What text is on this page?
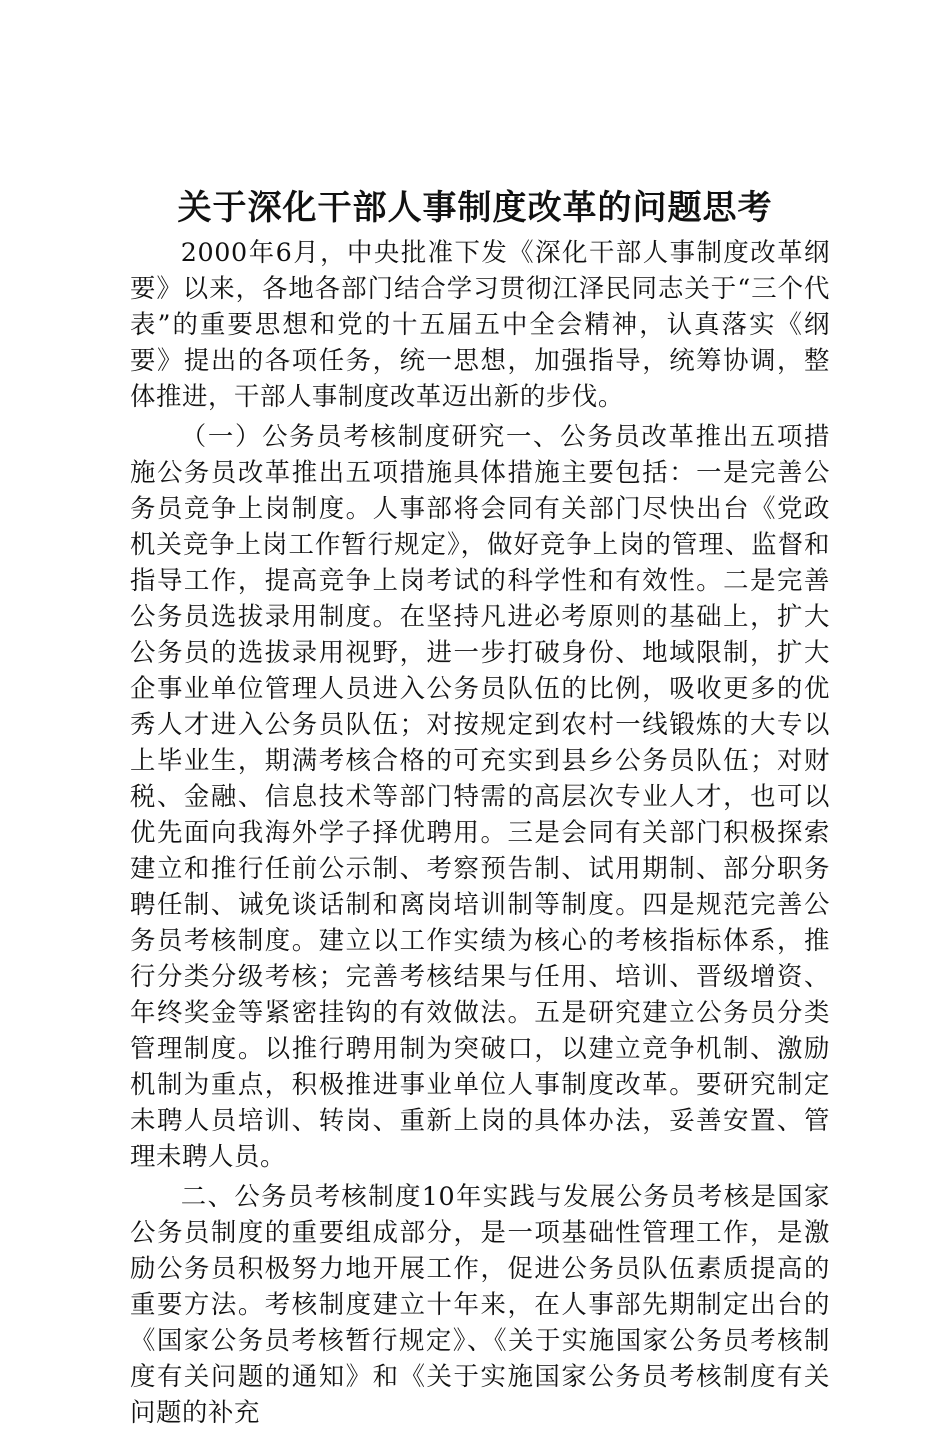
关于深化干部人事制度改革的问题思考

2000年6月，中央批准下发《深化干部人事制度改革纲要》以来，各地各部门结合学习贯彻江泽民同志关于“三个代表”的重要思想和党的十五届五中全会精神，认真落实《纲要》提出的各项任务，统一思想，加强指导，统筹协调，整体推进，干部人事制度改革迈出新的步伐。

（一）公务员考核制度研究一、公务员改革推出五项措施公务员改革推出五项措施具体措施主要包括：一是完善公务员竞争上岗制度。人事部将会同有关部门尽快出台《党政机关竞争上岗工作暂行规定》，做好竞争上岗的管理、监督和指导工作，提高竞争上岗考试的科学性和有效性。二是完善公务员选拔录用制度。在坚持凡进必考原则的基础上，扩大公务员的选拔录用视野，进一步打破身份、地域限制，扩大企事业单位管理人员进入公务员队伍的比例，吸收更多的优秀人才进入公务员队伍；对按规定到农村一线锻炼的大专以上毕业生，期满考核合格的可充实到县乡公务员队伍；对财税、金融、信息技术等部门特需的高层次专业人才，也可以优先面向我海外学子择优聘用。三是会同有关部门积极探索建立和推行任前公示制、考察预告制、试用期制、部分职务聘任制、诫免谈话制和离岗培训制等制度。四是规范完善公务员考核制度。建立以工作实绩为核心的考核指标体系，推行分类分级考核；完善考核结果与任用、培训、晋级增资、年终奖金等紧密挂钩的有效做法。五是研究建立公务员分类管理制度。以推行聘用制为突破口，以建立竞争机制、激励机制为重点，积极推进事业单位人事制度改革。要研究制定未聘人员培训、转岗、重新上岗的具体办法，妥善安置、管理未聘人员。

二、公务员考核制度10年实践与发展公务员考核是国家公务员制度的重要组成部分，是一项基础性管理工作，是激励公务员积极努力地开展工作，促进公务员队伍素质提高的重要方法。考核制度建立十年来，在人事部先期制定出台的《国家公务员考核暂行规定》、《关于实施国家公务员考核制度有关问题的通知》和《关于实施国家公务员考核制度有关问题的补充
